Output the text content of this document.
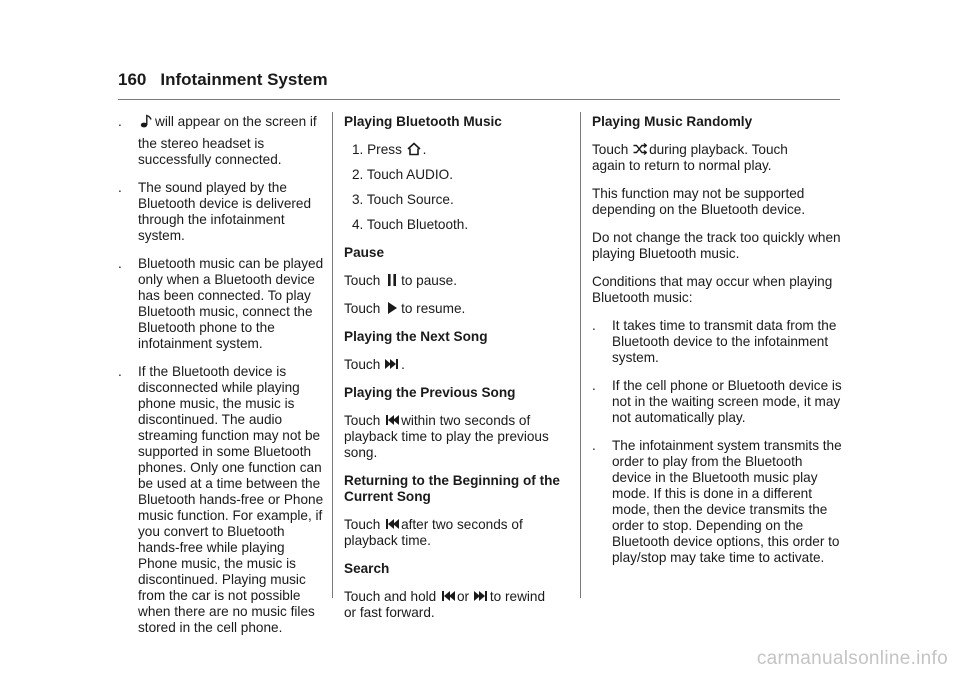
160 Infotainment System
.	will appear on the screen if

the stereo headset is successfully connected.

. The sound played by the Bluetooth device is delivered through the infotainment system.

. Bluetooth music can be played only when a Bluetooth device has been connected. To play Bluetooth music, connect the Bluetooth phone to the infotainment system.

. If the Bluetooth device is disconnected while playing phone music, the music is discontinued. The audio streaming function may not be supported in some Bluetooth phones. Only one function can be used at a time between the Bluetooth hands-free or Phone music function. For example, if you convert to Bluetooth hands-free while playing Phone music, the music is discontinued. Playing music from the car is not possible when there are no music files stored in the cell phone.

Playing Bluetooth Music
1. Press .
2. Touch AUDIO.
3. Touch Source.
4. Touch Bluetooth.
Pause
Touch to pause.
Touch to resume.
Playing the Next Song
Touch .
Playing the Previous Song
Touch within two seconds of
playback time to play the previous song.
Returning to the Beginning of the Current Song
Touch after two seconds of
playback time.
Search
Touch and hold or to rewind
or fast forward.
Playing Music Randomly
Touch during playback. Touch
again to return to normal play.
This function may not be supported depending on the Bluetooth device.
Do not change the track too quickly when playing Bluetooth music.
Conditions that may occur when playing Bluetooth music:
. It takes time to transmit data from the Bluetooth device to the infotainment system.

. If the cell phone or Bluetooth device is not in the waiting screen mode, it may not automatically play.

. The infotainment system transmits the order to play from the Bluetooth device in the Bluetooth music play mode. If this is done in a different mode, then the device transmits the order to stop. Depending on the Bluetooth device options, this order to play/stop may take time to activate.

carmanualsonline.info
